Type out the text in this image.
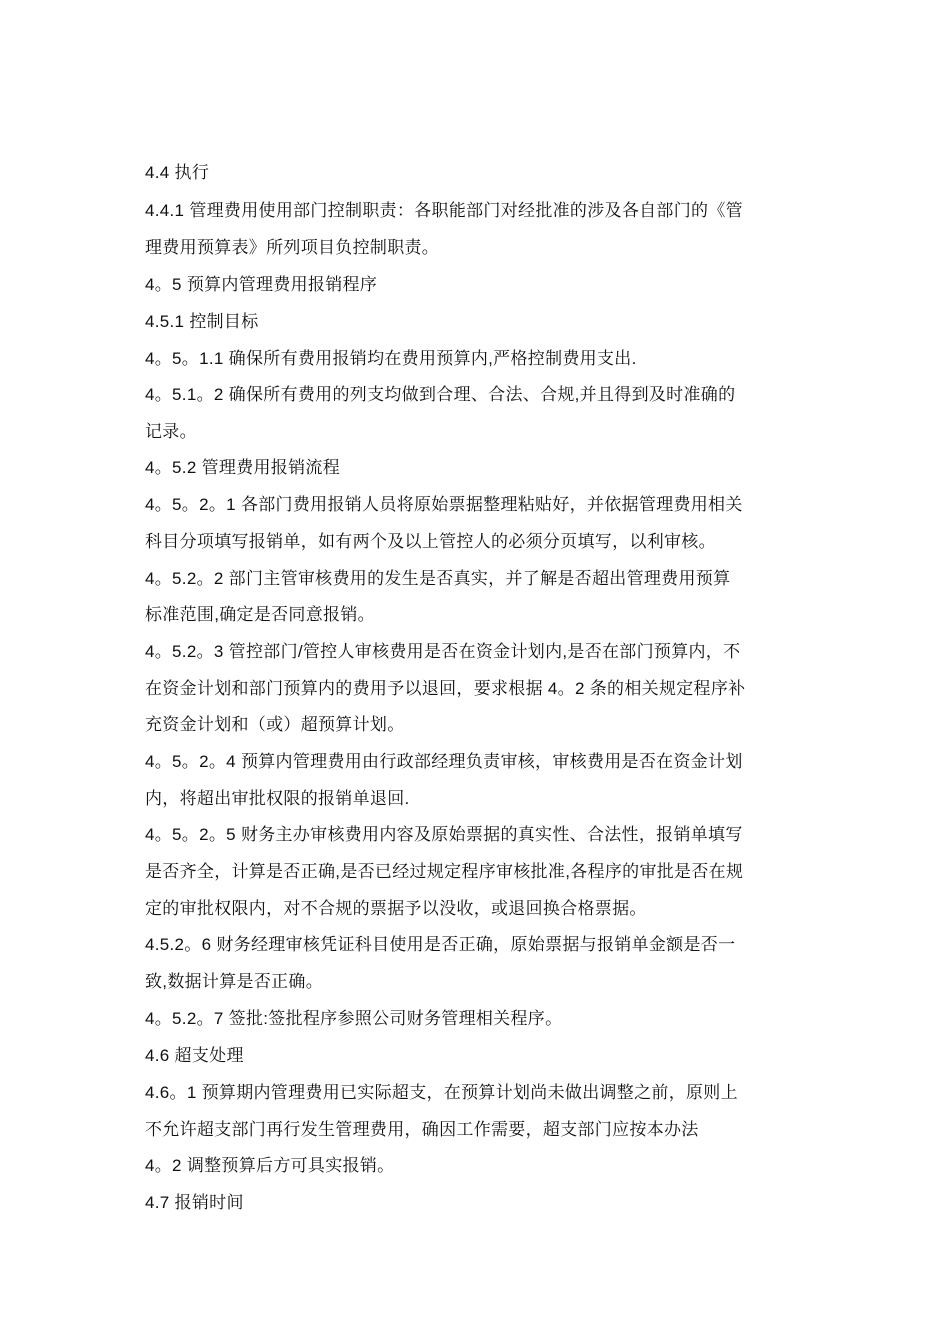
4.4 执行
4.4.1 管理费用使用部门控制职责：各职能部门对经批准的涉及各自部门的《管
理费用预算表》所列项目负控制职责。
4。5 预算内管理费用报销程序
4.5.1 控制目标
4。5。1.1 确保所有费用报销均在费用预算内,严格控制费用支出.
4。5.1。2 确保所有费用的列支均做到合理、合法、合规,并且得到及时准确的
记录。
4。5.2 管理费用报销流程
4。5。2。1 各部门费用报销人员将原始票据整理粘贴好，并依据管理费用相关
科目分项填写报销单，如有两个及以上管控人的必须分页填写，以利审核。
4。5.2。2 部门主管审核费用的发生是否真实，并了解是否超出管理费用预算
标准范围,确定是否同意报销。
4。5.2。3 管控部门/管控人审核费用是否在资金计划内,是否在部门预算内，不
在资金计划和部门预算内的费用予以退回，要求根据 4。2 条的相关规定程序补
充资金计划和（或）超预算计划。
4。5。2。4 预算内管理费用由行政部经理负责审核，审核费用是否在资金计划
内，将超出审批权限的报销单退回.
4。5。2。5 财务主办审核费用内容及原始票据的真实性、合法性，报销单填写
是否齐全，计算是否正确,是否已经过规定程序审核批准,各程序的审批是否在规
定的审批权限内，对不合规的票据予以没收，或退回换合格票据。
4.5.2。6 财务经理审核凭证科目使用是否正确，原始票据与报销单金额是否一
致,数据计算是否正确。
4。5.2。7 签批:签批程序参照公司财务管理相关程序。
4.6 超支处理
4.6。1 预算期内管理费用已实际超支，在预算计划尚未做出调整之前，原则上
不允许超支部门再行发生管理费用，确因工作需要，超支部门应按本办法
4。2 调整预算后方可具实报销。
4.7 报销时间
